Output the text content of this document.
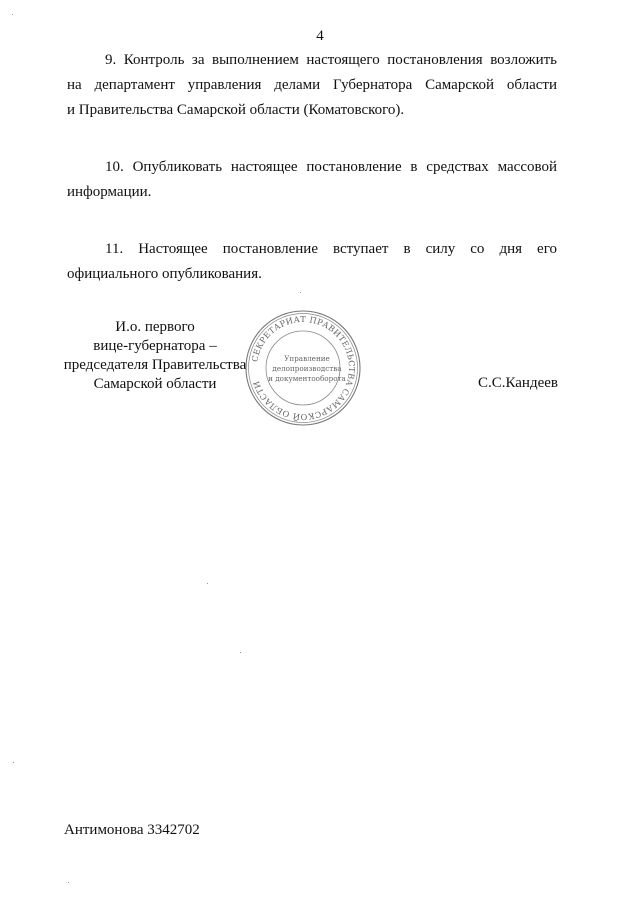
4

9. Контроль за выполнением настоящего постановления возложить
на департамент управления делами Губернатора Самарской области
и Правительства Самарской области (Коматовского).

10. Опубликовать настоящее постановление в средствах массовой
информации.

11. Настоящее постановление вступает в силу со дня его
официального опубликования.

И.о. первого
вице-губернатора –
председателя Правительства
Самарской области
СЕКРЕТАРИАТ ПРАВИТЕЛЬСТВА САМАРСКОЙ ОБЛАСТИ
Управление
делопроизводства
и документооборота	С.С.Кандеев
Антимонова 3342702
